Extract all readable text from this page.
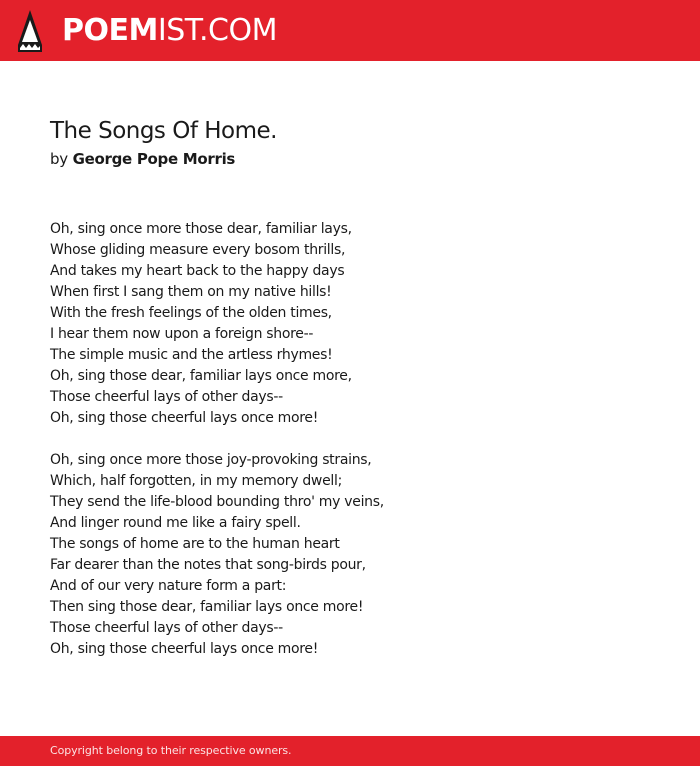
POEMIST.COM
The Songs Of Home.
by George Pope Morris
Oh, sing once more those dear, familiar lays,
Whose gliding measure every bosom thrills,
And takes my heart back to the happy days
When first I sang them on my native hills!
With the fresh feelings of the olden times,
I hear them now upon a foreign shore--
The simple music and the artless rhymes!
Oh, sing those dear, familiar lays once more,
Those cheerful lays of other days--
Oh, sing those cheerful lays once more!
Oh, sing once more those joy-provoking strains,
Which, half forgotten, in my memory dwell;
They send the life-blood bounding thro' my veins,
And linger round me like a fairy spell.
The songs of home are to the human heart
Far dearer than the notes that song-birds pour,
And of our very nature form a part:
Then sing those dear, familiar lays once more!
Those cheerful lays of other days--
Oh, sing those cheerful lays once more!
Copyright belong to their respective owners.
